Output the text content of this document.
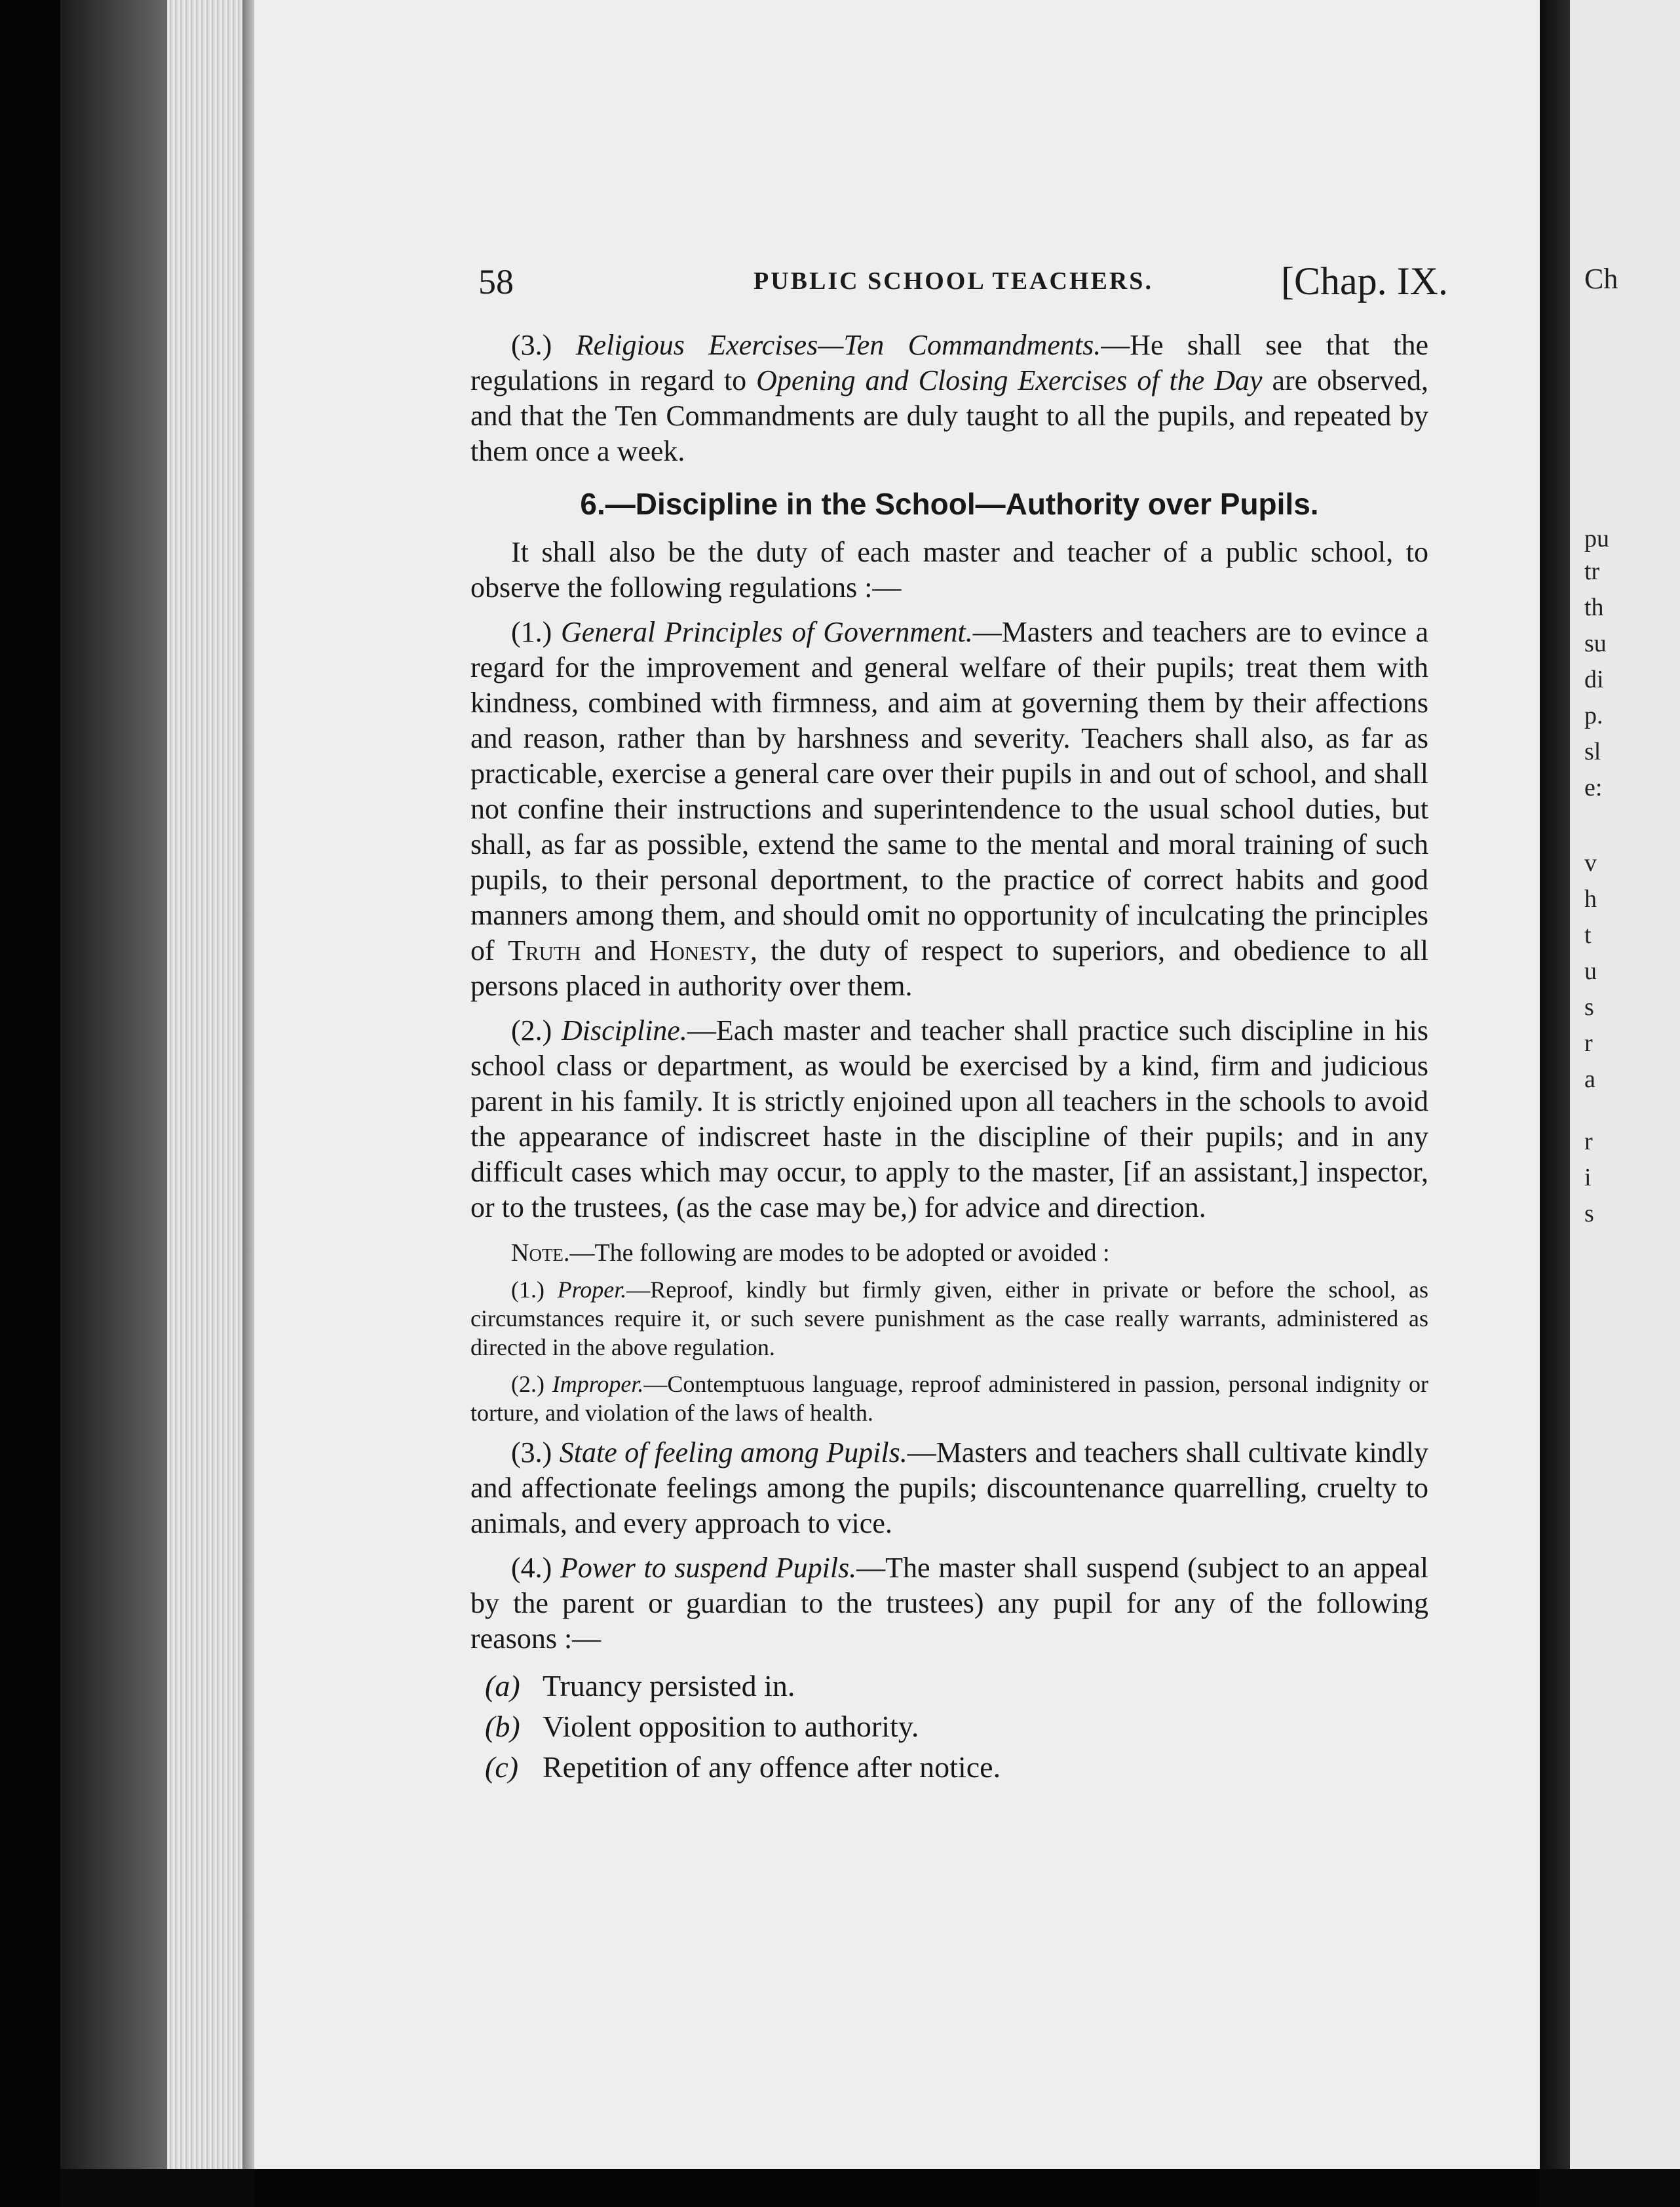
Ch
pu
tr
th
su
di
p.
sl
e:
v
h
t
u
s
r
a
r
i
s
58	PUBLIC SCHOOL TEACHERS.	[Chap. IX.

(3.) Religious Exercises—Ten Commandments.—He shall see that the regulations in regard to Opening and Closing Exercises of the Day are observed, and that the Ten Commandments are duly taught to all the pupils, and repeated by them once a week.

6.—Discipline in the School—Authority over Pupils.

It shall also be the duty of each master and teacher of a public school, to observe the following regulations :—

(1.) General Principles of Government.—Masters and teachers are to evince a regard for the improvement and general welfare of their pupils; treat them with kindness, combined with firmness, and aim at governing them by their affections and reason, rather than by harshness and severity. Teachers shall also, as far as practicable, exercise a general care over their pupils in and out of school, and shall not confine their instructions and superintendence to the usual school duties, but shall, as far as possible, extend the same to the mental and moral training of such pupils, to their personal deportment, to the practice of correct habits and good manners among them, and should omit no opportunity of inculcating the principles of Truth and Honesty, the duty of respect to superiors, and obedience to all persons placed in authority over them.

(2.) Discipline.—Each master and teacher shall practice such discipline in his school class or department, as would be exercised by a kind, firm and judicious parent in his family. It is strictly enjoined upon all teachers in the schools to avoid the appearance of indiscreet haste in the discipline of their pupils; and in any difficult cases which may occur, to apply to the master, [if an assistant,] inspector, or to the trustees, (as the case may be,) for advice and direction.

Note.—The following are modes to be adopted or avoided :

(1.) Proper.—Reproof, kindly but firmly given, either in private or before the school, as circumstances require it, or such severe punishment as the case really warrants, administered as directed in the above regulation.

(2.) Improper.—Contemptuous language, reproof administered in passion, personal indignity or torture, and violation of the laws of health.

(3.) State of feeling among Pupils.—Masters and teachers shall cultivate kindly and affectionate feelings among the pupils; discountenance quarrelling, cruelty to animals, and every approach to vice.

(4.) Power to suspend Pupils.—The master shall suspend (subject to an appeal by the parent or guardian to the trustees) any pupil for any of the following reasons :—

(a) Truancy persisted in.
(b) Violent opposition to authority.
(c) Repetition of any offence after notice.
